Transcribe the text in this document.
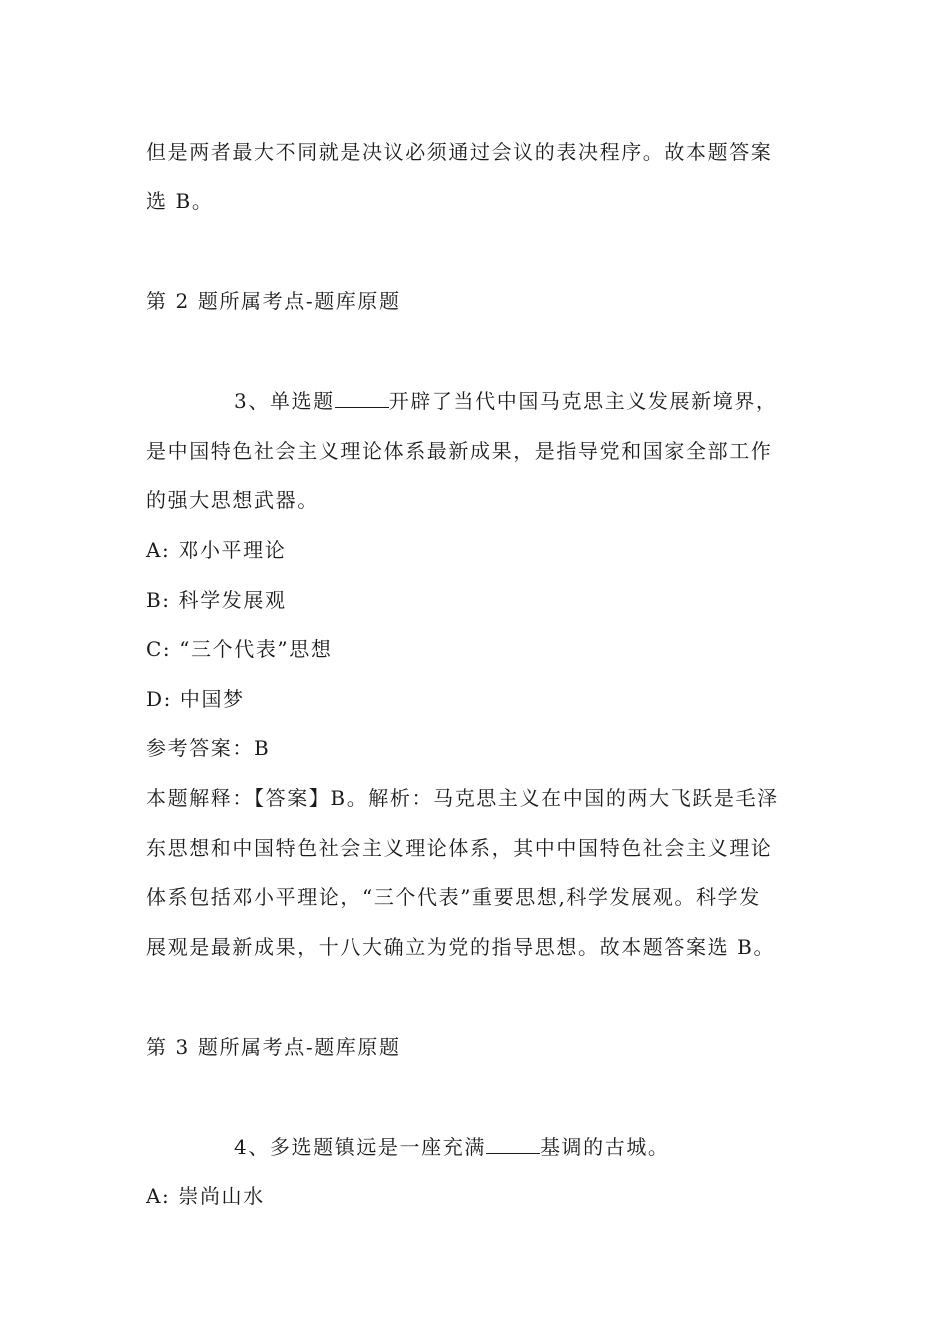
但是两者最大不同就是决议必须通过会议的表决程序。故本题答案
选 B。
第 2 题所属考点-题库原题
3、单选题	开辟了当代中国马克思主义发展新境界，
是中国特色社会主义理论体系最新成果，是指导党和国家全部工作
的强大思想武器。
A: 邓小平理论
B: 科学发展观
C: “三个代表”思想
D: 中国梦
参考答案：B
本题解释：【答案】B。解析：马克思主义在中国的两大飞跃是毛泽
东思想和中国特色社会主义理论体系，其中中国特色社会主义理论
体系包括邓小平理论，“三个代表”重要思想,科学发展观。科学发
展观是最新成果，十八大确立为党的指导思想。故本题答案选 B。
第 3 题所属考点-题库原题
4、多选题镇远是一座充满	基调的古城。
A: 崇尚山水
